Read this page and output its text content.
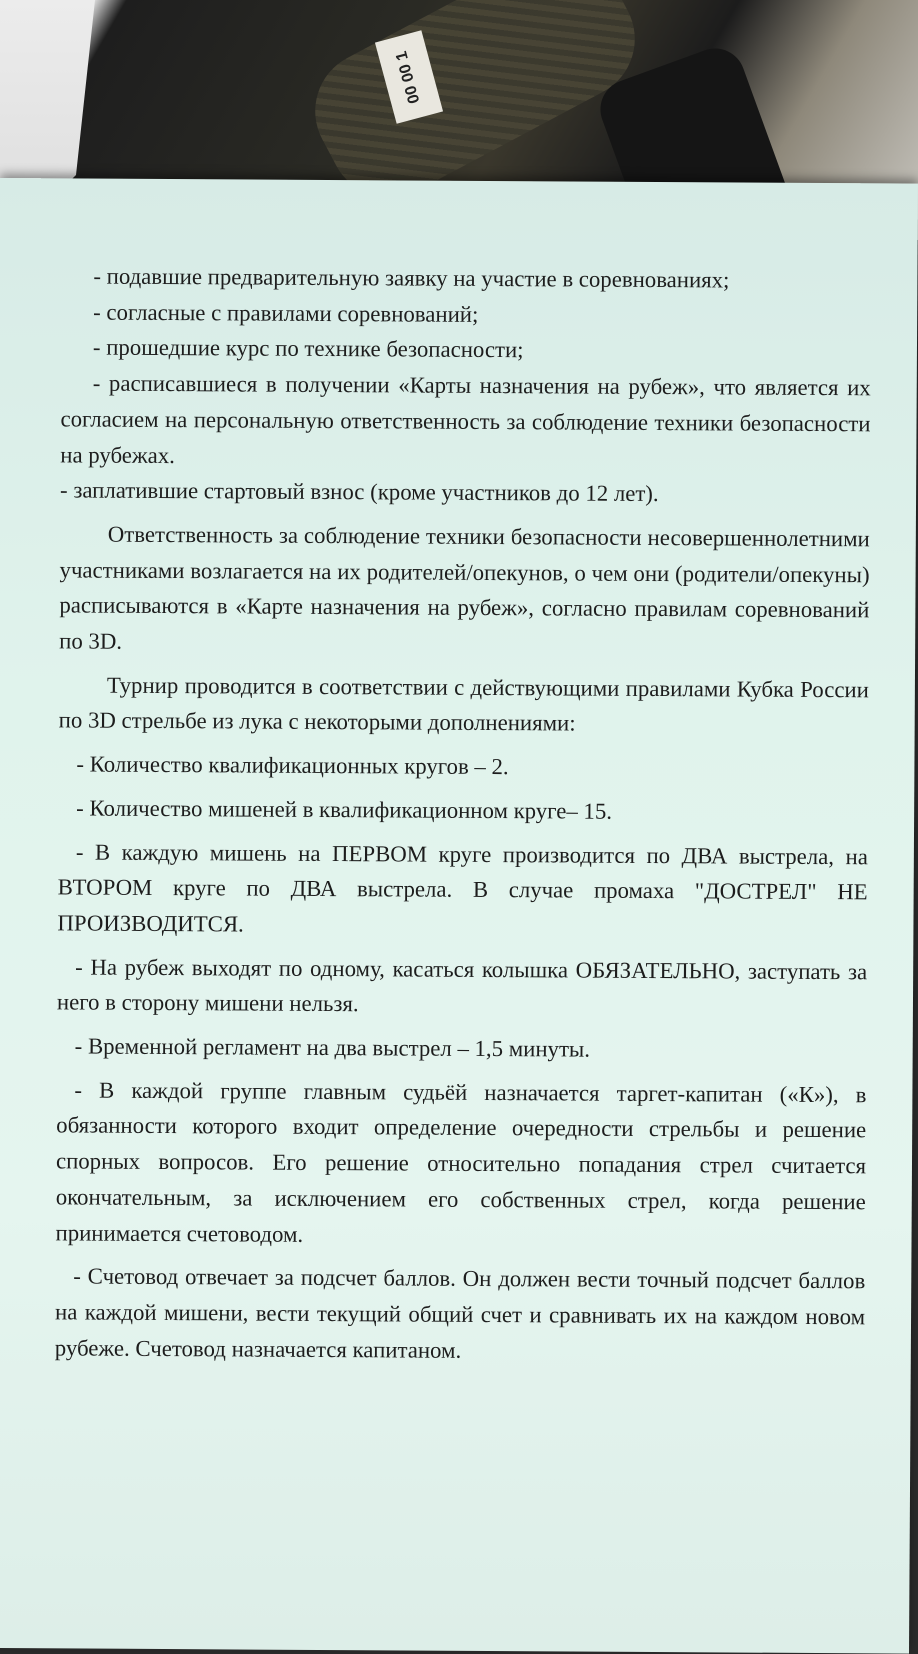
00 00 1

- подавшие предварительную заявку на участие в соревнованиях;

- согласные с правилами соревнований;

- прошедшие курс по технике безопасности;

- расписавшиеся в получении «Карты назначения на рубеж», что является их согласием на персональную ответственность за соблюдение техники безопасности на рубежах.

- заплатившие стартовый взнос (кроме участников до 12 лет).

Ответственность за соблюдение техники безопасности несовершеннолетними участниками возлагается на их родителей/опекунов, о чем они (родители/опекуны) расписываются в «Карте назначения на рубеж», согласно правилам соревнований по 3D.

Турнир проводится в соответствии с действующими правилами Кубка России по 3D стрельбе из лука с некоторыми дополнениями:

- Количество квалификационных кругов – 2.

- Количество мишеней в квалификационном круге– 15.

- В каждую мишень на ПЕРВОМ круге производится по ДВА выстрела, на ВТОРОМ круге по ДВА выстрела. В случае промаха "ДОСТРЕЛ" НЕ ПРОИЗВОДИТСЯ.

- На рубеж выходят по одному, касаться колышка ОБЯЗАТЕЛЬНО, заступать за него в сторону мишени нельзя.

- Временной регламент на два выстрел – 1,5 минуты.

- В каждой группе главным судьёй назначается таргет-капитан («К»), в обязанности которого входит определение очередности стрельбы и решение спорных вопросов. Его решение относительно попадания стрел считается окончательным, за исключением его собственных стрел, когда решение принимается счетоводом.

- Счетовод отвечает за подсчет баллов. Он должен вести точный подсчет баллов на каждой мишени, вести текущий общий счет и сравнивать их на каждом новом рубеже. Счетовод назначается капитаном.
